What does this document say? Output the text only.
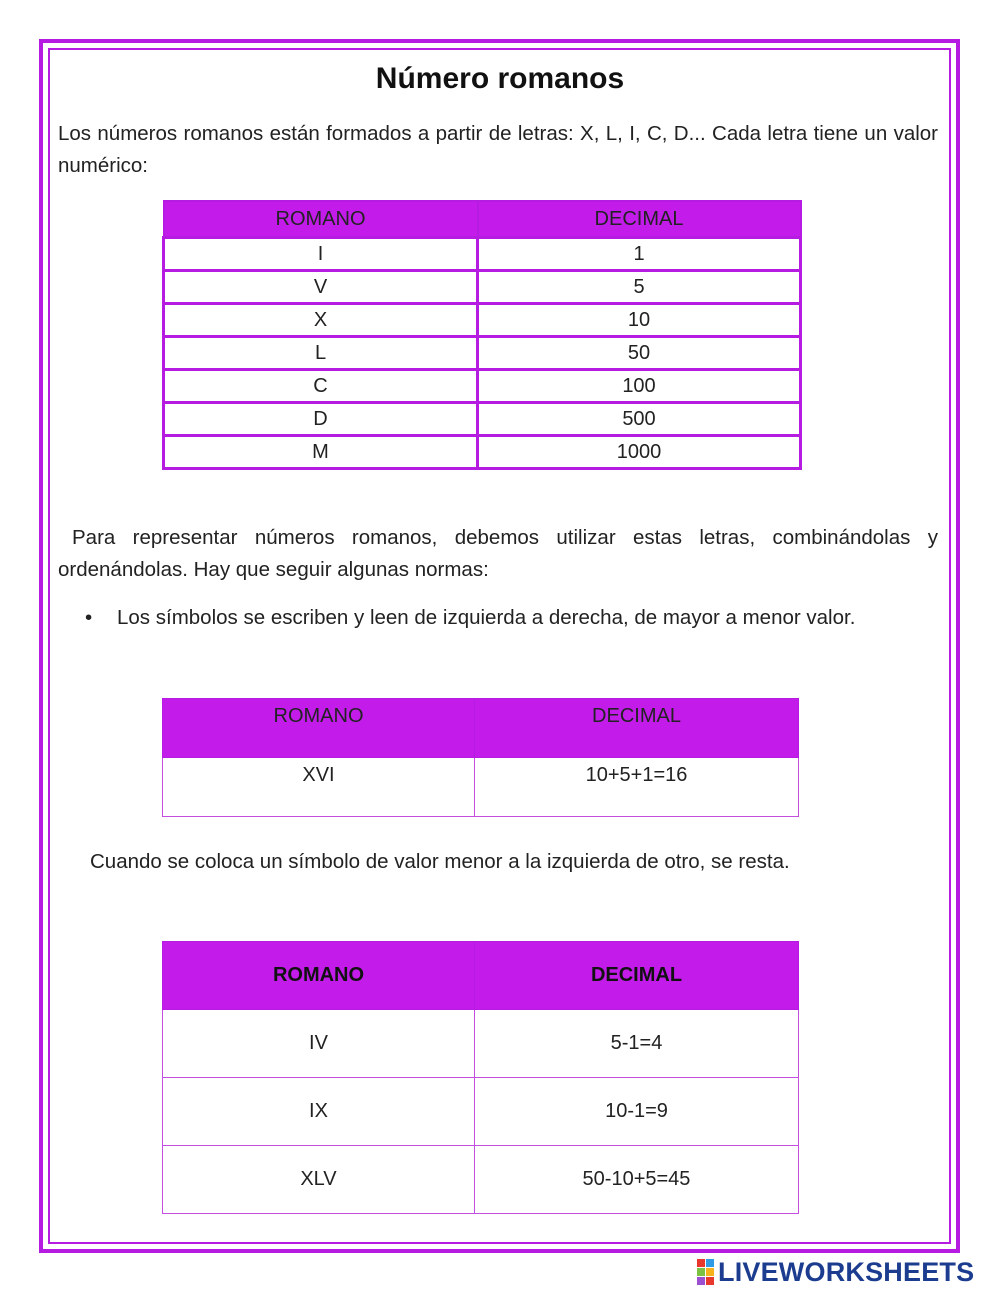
Número romanos
Los números romanos están formados a partir de letras: X, L, I, C, D... Cada letra tiene un valor numérico:
ROMANO	DECIMAL
I	1
V	5
X	10
L	50
C	100
D	500
M	1000
Para representar números romanos, debemos utilizar estas letras, combinándolas y ordenándolas. Hay que seguir algunas normas:
• Los símbolos se escriben y leen de izquierda a derecha, de mayor a menor valor.
ROMANO	DECIMAL
XVI	10+5+1=16
Cuando se coloca un símbolo de valor menor a la izquierda de otro, se resta.
ROMANO	DECIMAL
IV	5-1=4
IX	10-1=9
XLV	50-10+5=45
LIVEWORKSHEETS
